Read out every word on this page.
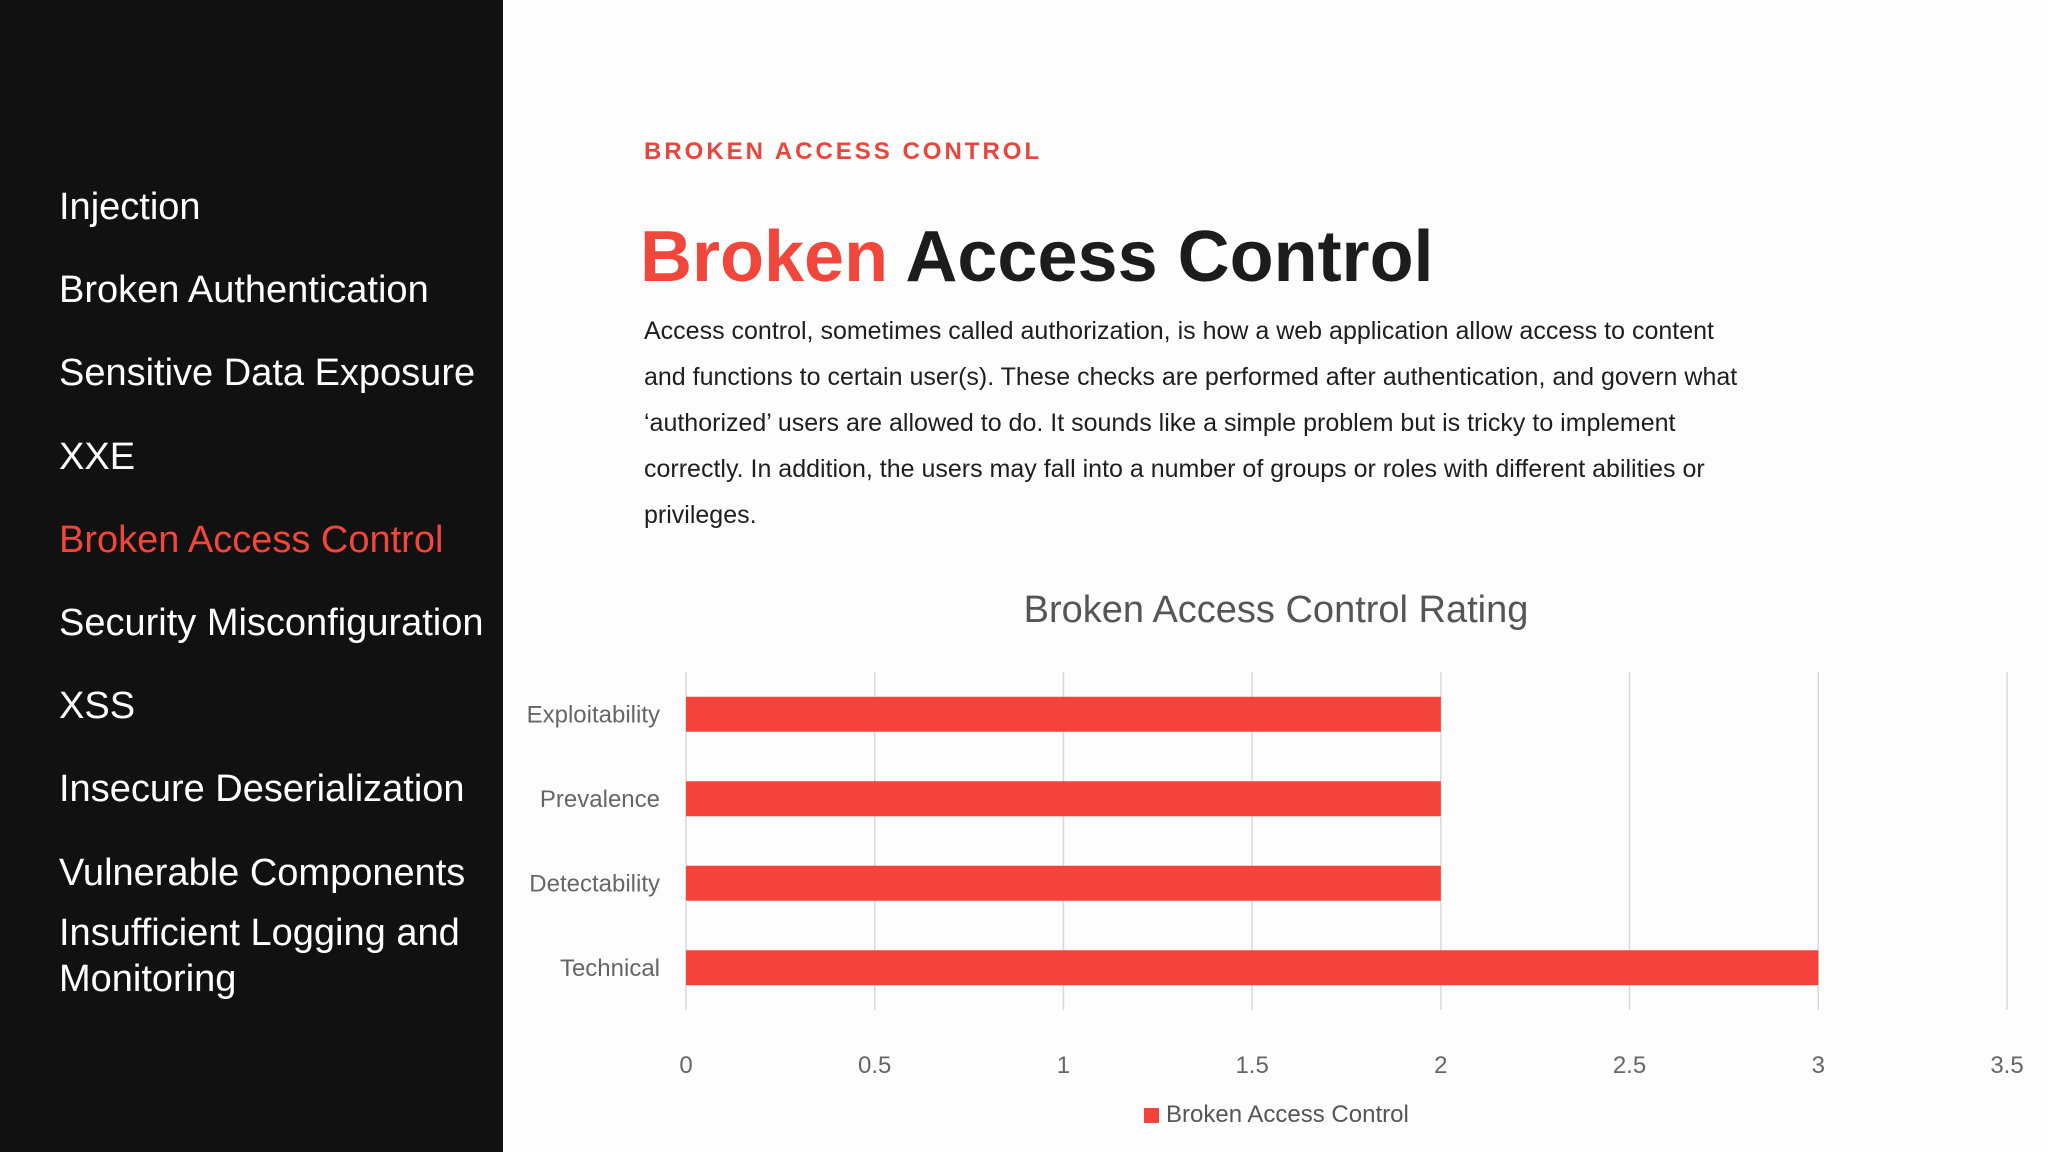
Injection
Broken Authentication
Sensitive Data Exposure
XXE
Broken Access Control
Security Misconfiguration
XSS
Insecure Deserialization
Vulnerable Components
Insufficient Logging and Monitoring
BROKEN ACCESS CONTROL
Broken Access Control
Access control, sometimes called authorization, is how a web application allow access to content and functions to certain user(s). These checks are performed after authentication, and govern what ‘authorized’ users are allowed to do. It sounds like a simple problem but is tricky to implement correctly. In addition, the users may fall into a number of groups or roles with different abilities or privileges.
Broken Access Control Rating
Exploitability
Prevalence
Detectability
Technical
0	0.5	1	1.5	2	2.5	3	3.5
Broken Access Control
